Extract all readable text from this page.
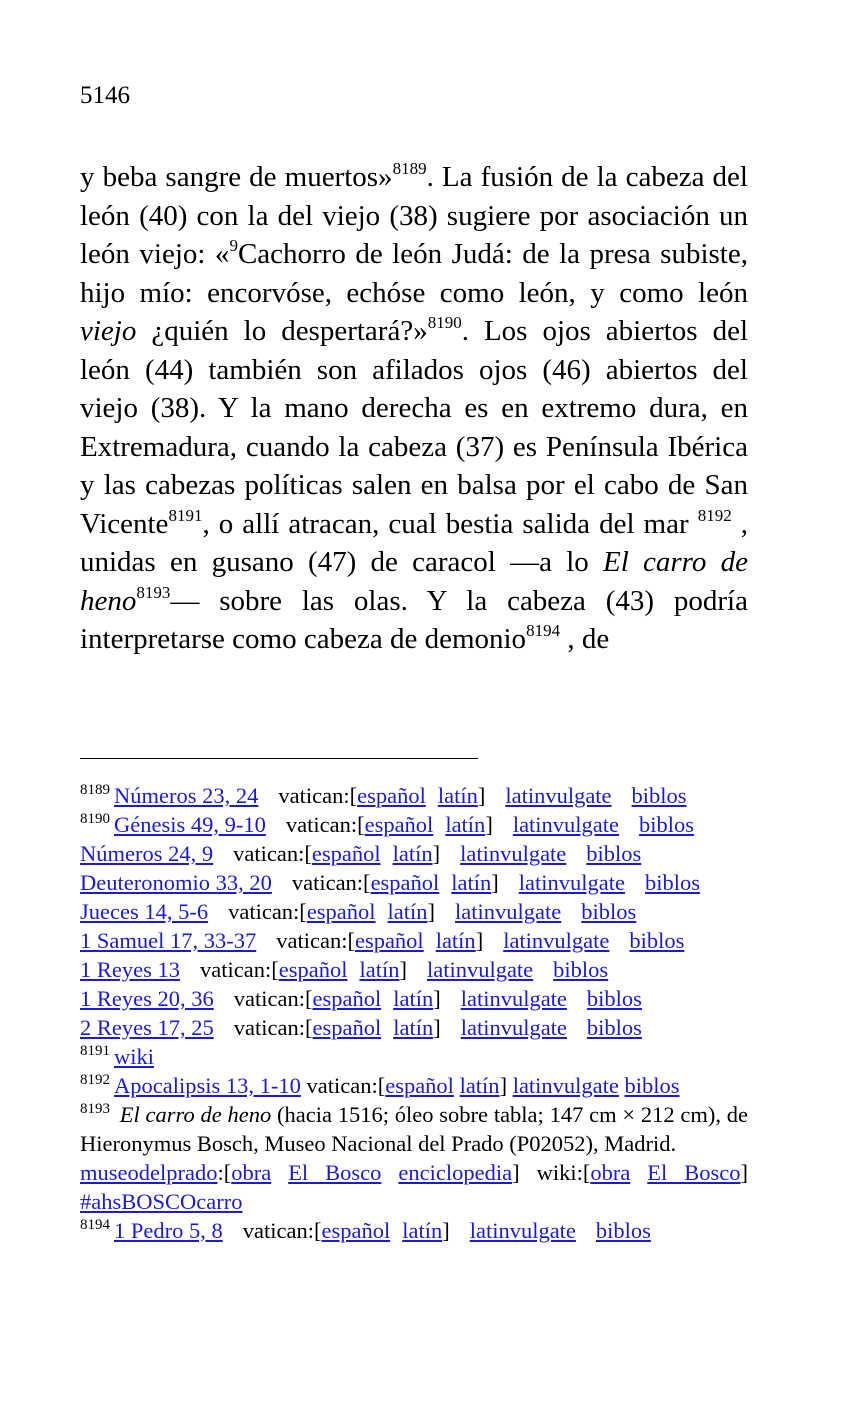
5146
y beba sangre de muertos»$^{8189}$. La fusión de la cabeza del león (40) con la del viejo (38) sugiere por asociación un león viejo: «$^9$Cachorro de león Judá: de la presa subiste, hijo mío: encorvóse, echóse como león, y como león viejo ¿quién lo despertará?»$^{8190}$. Los ojos abiertos del león (44) también son afilados ojos (46) abiertos del viejo (38). Y la mano derecha es en extremo dura, en Extremadura, cuando la cabeza (37) es Península Ibérica y las cabezas políticas salen en balsa por el cabo de San Vicente$^{8191}$, o allí atracan, cual bestia salida del mar $^{8192}$ , unidas en gusano (47) de caracol —a lo El carro de heno$^{8193}$— sobre las olas. Y la cabeza (43) podría interpretarse como cabeza de demonio$^{8194}$ , de
$^{8189}$ Números 23, 24 vatican:[español latín] latinvulgate biblos
$^{8190}$ Génesis 49, 9-10 vatican:[español latín] latinvulgate biblos
Números 24, 9 vatican:[español latín] latinvulgate biblos
Deuteronomio 33, 20 vatican:[español latín] latinvulgate biblos
Jueces 14, 5-6 vatican:[español latín] latinvulgate biblos
1 Samuel 17, 33-37 vatican:[español latín] latinvulgate biblos
1 Reyes 13 vatican:[español latín] latinvulgate biblos
1 Reyes 20, 36 vatican:[español latín] latinvulgate biblos
2 Reyes 17, 25 vatican:[español latín] latinvulgate biblos
$^{8191}$ wiki
$^{8192}$ Apocalipsis 13, 1-10 vatican:[español latín] latinvulgate biblos
$^{8193}$ El carro de heno (hacia 1516; óleo sobre tabla; 147 cm × 212 cm), de Hieronymus Bosch, Museo Nacional del Prado (P02052), Madrid.
museodelprado:[obra El Bosco enciclopedia] wiki:[obra El Bosco] #ahsBOSCOcarro
$^{8194}$ 1 Pedro 5, 8 vatican:[español latín] latinvulgate biblos
